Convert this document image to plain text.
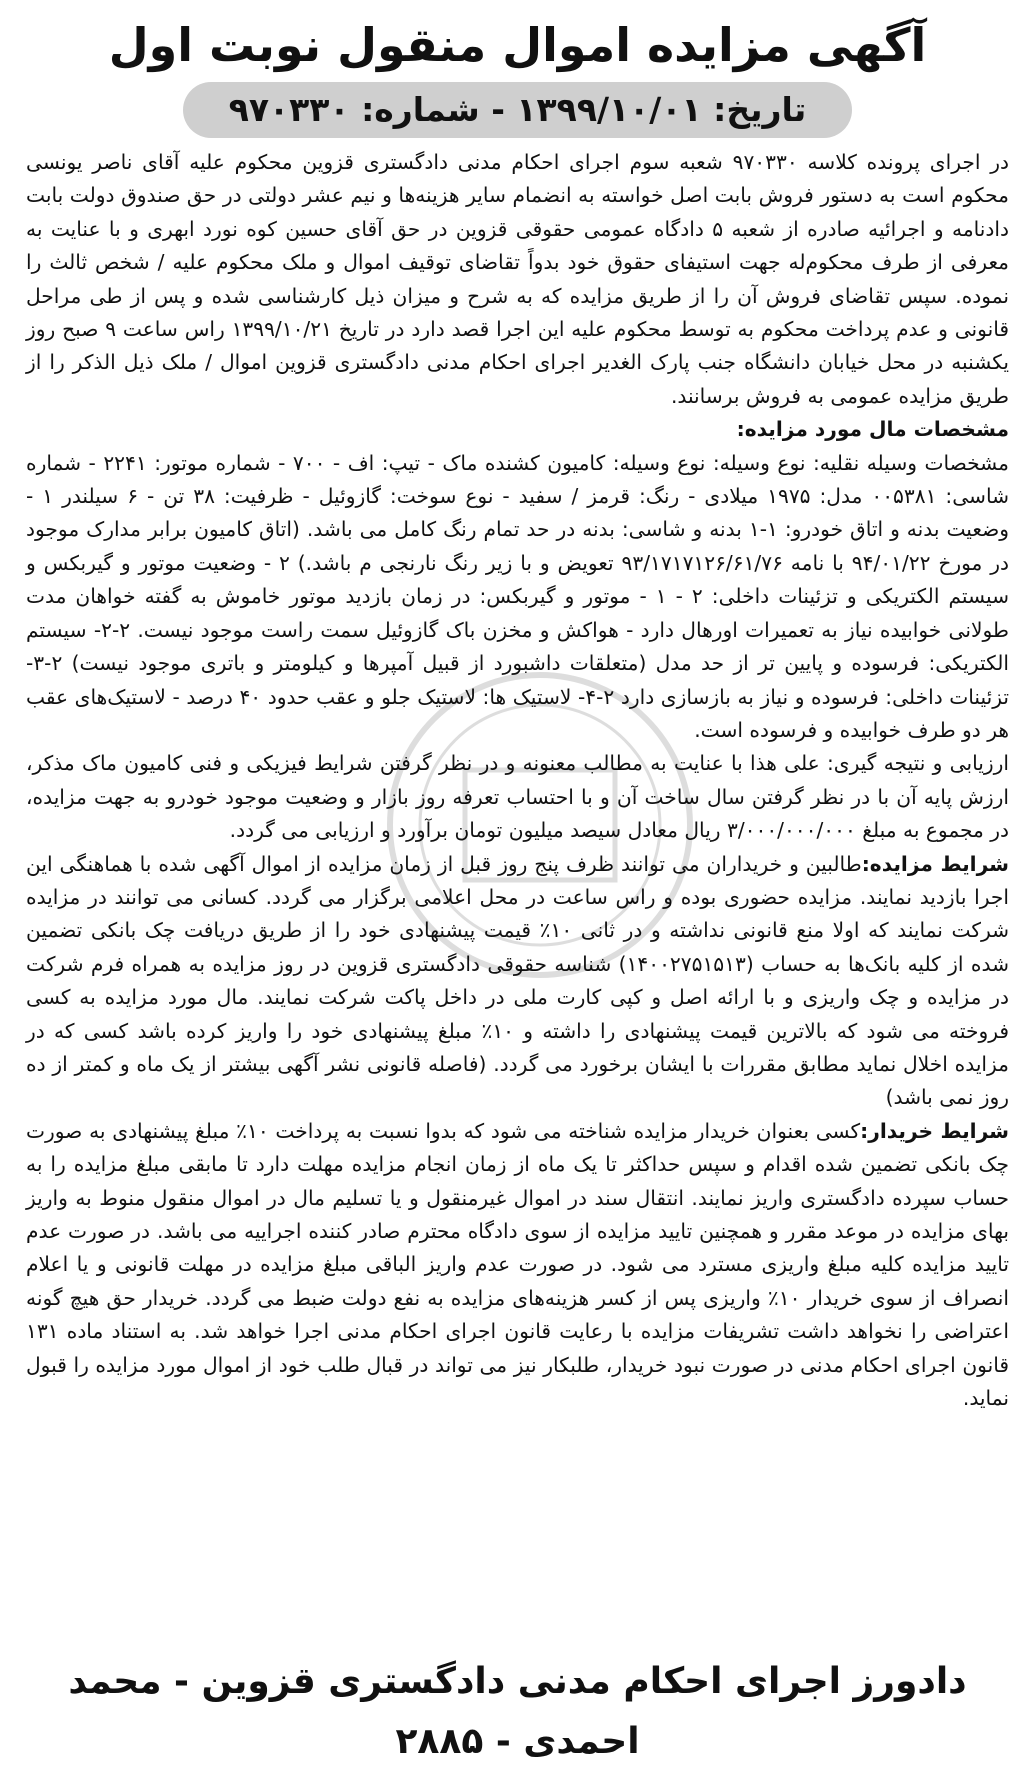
آگهی مزایده اموال منقول نوبت اول
تاریخ: ۱۳۹۹/۱۰/۰۱ - شماره: ۹۷۰۳۳۰

در اجرای پرونده کلاسه ۹۷۰۳۳۰ شعبه سوم اجرای احکام مدنی دادگستری قزوین محکوم علیه آقای ناصر یونسی محکوم است به دستور فروش بابت اصل خواسته به انضمام سایر هزینه‌ها و نیم عشر دولتی در حق صندوق دولت بابت دادنامه و اجرائیه صادره از شعبه ۵ دادگاه عمومی حقوقی قزوین در حق آقای حسین کوه نورد ابهری و با عنایت به معرفی از طرف محکوم‌له جهت استیفای حقوق خود بدواً تقاضای توقیف اموال و ملک محکوم علیه / شخص ثالث را نموده. سپس تقاضای فروش آن را از طریق مزایده که به شرح و میزان ذیل کارشناسی شده و پس از طی مراحل قانونی و عدم پرداخت محکوم به توسط محکوم علیه این اجرا قصد دارد در تاریخ ۱۳۹۹/۱۰/۲۱ راس ساعت ۹ صبح روز یکشنبه در محل خیابان دانشگاه جنب پارک الغدیر اجرای احکام مدنی دادگستری قزوین اموال / ملک ذیل الذکر را از طریق مزایده عمومی به فروش برسانند.

مشخصات مال مورد مزایده:

مشخصات وسیله نقلیه: نوع وسیله: نوع وسیله: کامیون کشنده ماک - تیپ: اف - ۷۰۰ - شماره موتور: ۲۲۴۱ - شماره شاسی: ۰۰۵۳۸۱ مدل: ۱۹۷۵ میلادی - رنگ: قرمز / سفید - نوع سوخت: گازوئیل - ظرفیت: ۳۸ تن - ۶ سیلندر ۱ - وضعیت بدنه و اتاق خودرو: ۱-۱ بدنه و شاسی: بدنه در حد تمام رنگ کامل می باشد. (اتاق کامیون برابر مدارک موجود در مورخ ۹۴/۰۱/۲۲ با نامه ۹۳/۱۷۱۷۱۲۶/۶۱/۷۶ تعویض و با زیر رنگ نارنجی م باشد.) ۲ - وضعیت موتور و گیربکس و سیستم الکتریکی و تزئینات داخلی: ۲ - ۱ - موتور و گیربکس: در زمان بازدید موتور خاموش به گفته خواهان مدت طولانی خوابیده نیاز به تعمیرات اورهال دارد - هواکش و مخزن باک گازوئیل سمت راست موجود نیست. ۲-۲- سیستم الکتریکی: فرسوده و پایین تر از حد مدل (متعلقات داشبورد از قبیل آمپرها و کیلومتر و باتری موجود نیست) ۲-۳- تزئینات داخلی: فرسوده و نیاز به بازسازی دارد ۲-۴- لاستیک ها: لاستیک جلو و عقب حدود ۴۰ درصد - لاستیک‌های عقب هر دو طرف خوابیده و فرسوده است.

ارزیابی و نتیجه گیری: علی هذا با عنایت به مطالب معنونه و در نظر گرفتن شرایط فیزیکی و فنی کامیون ماک مذکر، ارزش پایه آن با در نظر گرفتن سال ساخت آن و با احتساب تعرفه روز بازار و وضعیت موجود خودرو به جهت مزایده، در مجموع به مبلغ ۳/۰۰۰/۰۰۰/۰۰۰ ریال معادل سیصد میلیون تومان برآورد و ارزیابی می گردد.

شرایط مزایده:طالبین و خریداران می توانند ظرف پنج روز قبل از زمان مزایده از اموال آگهی شده با هماهنگی این اجرا بازدید نمایند. مزایده حضوری بوده و راس ساعت در محل اعلامی برگزار می گردد. کسانی می توانند در مزایده شرکت نمایند که اولا منع قانونی نداشته و در ثانی ۱۰٪ قیمت پیشنهادی خود را از طریق دریافت چک بانکی تضمین شده از کلیه بانک‌ها به حساب (۱۴۰۰۲۷۵۱۵۱۳) شناسه حقوقی دادگستری قزوین در روز مزایده به همراه فرم شرکت در مزایده و چک واریزی و با ارائه اصل و کپی کارت ملی در داخل پاکت شرکت نمایند. مال مورد مزایده به کسی فروخته می شود که بالاترین قیمت پیشنهادی را داشته و ۱۰٪ مبلغ پیشنهادی خود را واریز کرده باشد کسی که در مزایده اخلال نماید مطابق مقررات با ایشان برخورد می گردد. (فاصله قانونی نشر آگهی بیشتر از یک ماه و کمتر از ده روز نمی باشد)

شرایط خریدار:کسی بعنوان خریدار مزایده شناخته می شود که بدوا نسبت به پرداخت ۱۰٪ مبلغ پیشنهادی به صورت چک بانکی تضمین شده اقدام و سپس حداکثر تا یک ماه از زمان انجام مزایده مهلت دارد تا مابقی مبلغ مزایده را به حساب سپرده دادگستری واریز نمایند. انتقال سند در اموال غیرمنقول و یا تسلیم مال در اموال منقول منوط به واریز بهای مزایده در موعد مقرر و همچنین تایید مزایده از سوی دادگاه محترم صادر کننده اجراییه می باشد. در صورت عدم تایید مزایده کلیه مبلغ واریزی مسترد می شود. در صورت عدم واریز الباقی مبلغ مزایده در مهلت قانونی و یا اعلام انصراف از سوی خریدار ۱۰٪ واریزی پس از کسر هزینه‌های مزایده به نفع دولت ضبط می گردد. خریدار حق هیچ گونه اعتراضی را نخواهد داشت تشریفات مزایده با رعایت قانون اجرای احکام مدنی اجرا خواهد شد. به استناد ماده ۱۳۱ قانون اجرای احکام مدنی در صورت نبود خریدار، طلبکار نیز می تواند در قبال طلب خود از اموال مورد مزایده را قبول نماید.

دادورز اجرای احکام مدنی دادگستری قزوین - محمد احمدی - ۲۸۸۵
